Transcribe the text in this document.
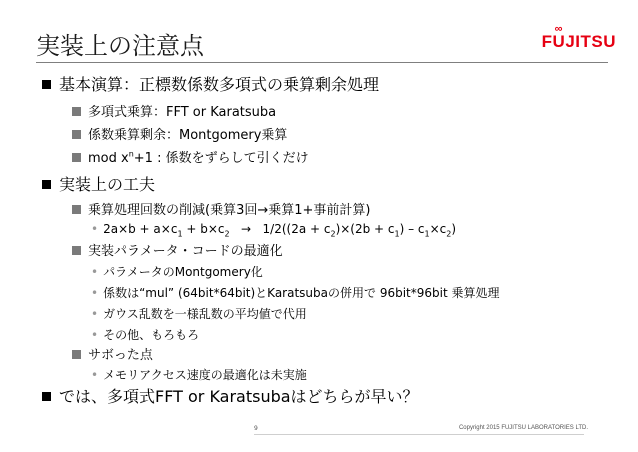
実装上の注意点
∞
FUJITSU
基本演算：正標数係数多項式の乗算剰余処理
多項式乗算：FFT or Karatsuba
係数乗算剰余：Montgomery乗算
mod $x^n+1$ : 係数をずらして引くだけ
実装上の工夫
乗算処理回数の削減(乗算3回→乗算1+事前計算)
• $2a\times b + a\times c_1 + b\times c_2 \to 1/2((2a + c_2)\times(2b + c_1) - c_1\times c_2)$
実装パラメータ・コードの最適化
• パラメータのMontgomery化
• 係数は“mul” (64bit*64bit)とKaratsubaの併用で 96bit*96bit 乗算処理
• ガウス乱数を一様乱数の平均値で代用
• その他、もろもろ
サボった点
• メモリアクセス速度の最適化は未実施
では、多項式FFT or Karatsubaはどちらが早い？
9	Copyright 2015 FUJITSU LABORATORIES LTD.
